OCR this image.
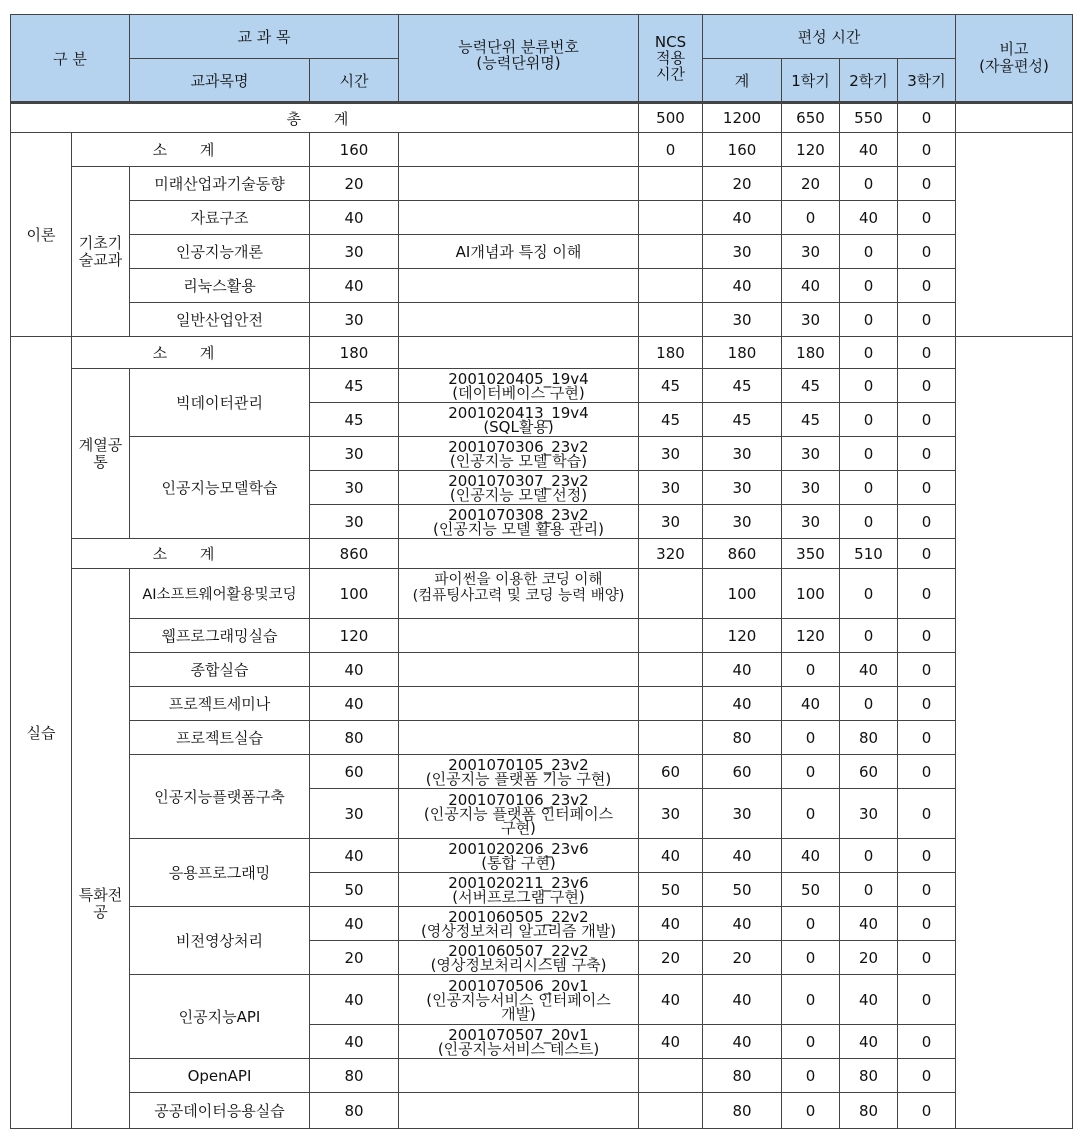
구 분		교 과 목		능력단위 분류번호
(능력단위명)	NCS
적용
시간	편성 시간				비고
(자율편성)
		교과목명	시간			계	1학기	2학기	3학기	
총 계					500	1200	650	550	0	
이론	소 계		160		0	160	120	40	0	
	기초기술교과	미래산업과기술동향	20			20	20	0	0	
		자료구조	40			40	0	40	0	
		인공지능개론	30	AI개념과 특징 이해		30	30	0	0	
		리눅스활용	40			40	40	0	0	
		일반산업안전	30			30	30	0	0	
실습	소 계		180		180	180	180	0	0	
	계열공통	빅데이터관리	45	2001020405_19v4
(데이터베이스 구현)	45	45	45	0	0	
			45	2001020413_19v4
(SQL활용)	45	45	45	0	0	
		인공지능모델학습	30	2001070306_23v2
(인공지능 모델 학습)	30	30	30	0	0	
			30	2001070307_23v2
(인공지능 모델 선정)	30	30	30	0	0	
			30	2001070308_23v2
(인공지능 모델 활용 관리)	30	30	30	0	0	
	소 계		860		320	860	350	510	0	
	특화전공	AI소프트웨어활용및코딩	100	파이썬을 이용한 코딩 이해
(컴퓨팅사고력 및 코딩 능력 배양)		100	100	0	0	
		웹프로그래밍실습	120			120	120	0	0	
		종합실습	40			40	0	40	0	
		프로젝트세미나	40			40	40	0	0	
		프로젝트실습	80			80	0	80	0	
		인공지능플랫폼구축	60	2001070105_23v2
(인공지능 플랫폼 기능 구현)	60	60	0	60	0	
			30	2001070106_23v2
(인공지능 플랫폼 인터페이스
구현)	30	30	0	30	0	
		응용프로그래밍	40	2001020206_23v6
(통합 구현)	40	40	40	0	0	
			50	2001020211_23v6
(서버프로그램 구현)	50	50	50	0	0	
		비전영상처리	40	2001060505_22v2
(영상정보처리 알고리즘 개발)	40	40	0	40	0	
			20	2001060507_22v2
(영상정보처리시스템 구축)	20	20	0	20	0	
		인공지능API	40	2001070506_20v1
(인공지능서비스 인터페이스
개발)	40	40	0	40	0	
			40	2001070507_20v1
(인공지능서비스 테스트)	40	40	0	40	0	
		OpenAPI	80			80	0	80	0	
		공공데이터응용실습	80			80	0	80	0	
